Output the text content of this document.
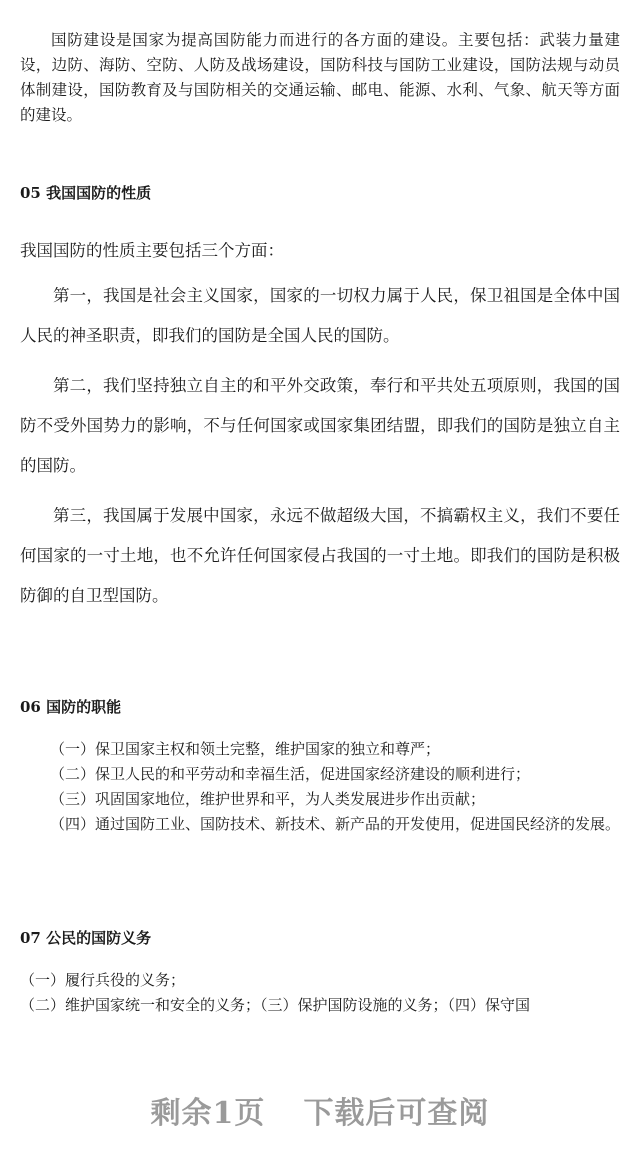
国防建设是国家为提高国防能力而进行的各方面的建设。主要包括：武装力量建设，边防、海防、空防、人防及战场建设，国防科技与国防工业建设，国防法规与动员体制建设，国防教育及与国防相关的交通运输、邮电、能源、水利、气象、航天等方面的建设。

05 我国国防的性质

我国国防的性质主要包括三个方面：

第一，我国是社会主义国家，国家的一切权力属于人民，保卫祖国是全体中国人民的神圣职责，即我们的国防是全国人民的国防。

第二，我们坚持独立自主的和平外交政策，奉行和平共处五项原则，我国的国防不受外国势力的影响，不与任何国家或国家集团结盟，即我们的国防是独立自主的国防。

第三，我国属于发展中国家，永远不做超级大国，不搞霸权主义，我们不要任何国家的一寸土地，也不允许任何国家侵占我国的一寸土地。即我们的国防是积极防御的自卫型国防。

06 国防的职能
（一）保卫国家主权和领土完整，维护国家的独立和尊严；
（二）保卫人民的和平劳动和幸福生活，促进国家经济建设的顺利进行；
（三）巩固国家地位，维护世界和平，为人类发展进步作出贡献；
（四）通过国防工业、国防技术、新技术、新产品的开发使用，促进国民经济的发展。
07 公民的国防义务
（一）履行兵役的义务；
（二）维护国家统一和安全的义务；（三）保护国防设施的义务；（四）保守国
剩余1页 下载后可查阅
